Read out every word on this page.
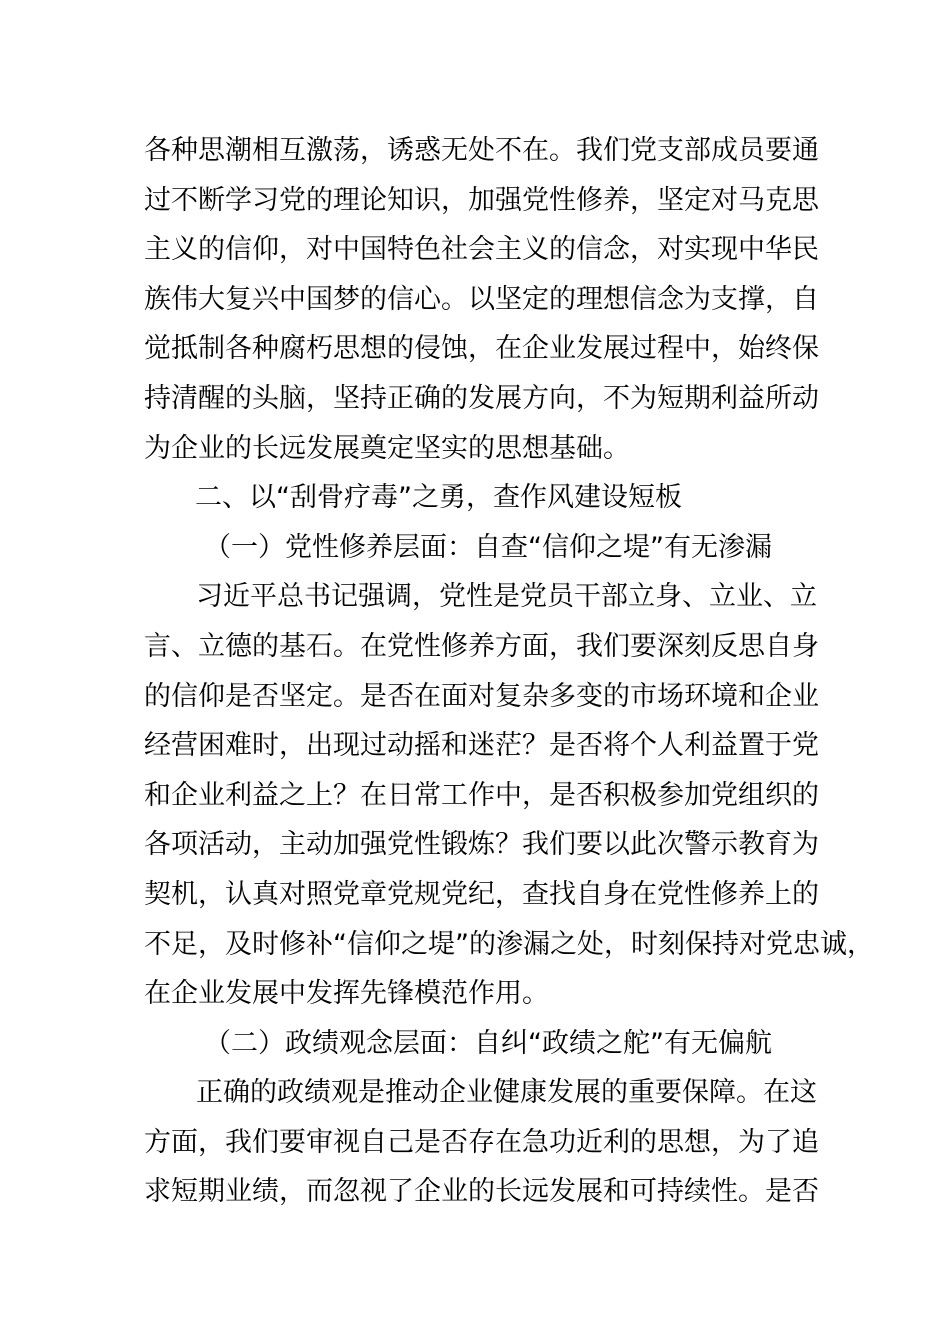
各种思潮相互激荡，诱惑无处不在。我们党支部成员要通
过不断学习党的理论知识，加强党性修养，坚定对马克思
主义的信仰，对中国特色社会主义的信念，对实现中华民
族伟大复兴中国梦的信心。以坚定的理想信念为支撑，自
觉抵制各种腐朽思想的侵蚀，在企业发展过程中，始终保
持清醒的头脑，坚持正确的发展方向，不为短期利益所动
为企业的长远发展奠定坚实的思想基础。
二、以“刮骨疗毒”之勇，查作风建设短板
（一）党性修养层面：自查“信仰之堤”有无渗漏
习近平总书记强调，党性是党员干部立身、立业、立
言、立德的基石。在党性修养方面，我们要深刻反思自身
的信仰是否坚定。是否在面对复杂多变的市场环境和企业
经营困难时，出现过动摇和迷茫？是否将个人利益置于党
和企业利益之上？在日常工作中，是否积极参加党组织的
各项活动，主动加强党性锻炼？我们要以此次警示教育为
契机，认真对照党章党规党纪，查找自身在党性修养上的
不足，及时修补“信仰之堤”的渗漏之处，时刻保持对党忠诚，
在企业发展中发挥先锋模范作用。
（二）政绩观念层面：自纠“政绩之舵”有无偏航
正确的政绩观是推动企业健康发展的重要保障。在这
方面，我们要审视自己是否存在急功近利的思想，为了追
求短期业绩，而忽视了企业的长远发展和可持续性。是否
